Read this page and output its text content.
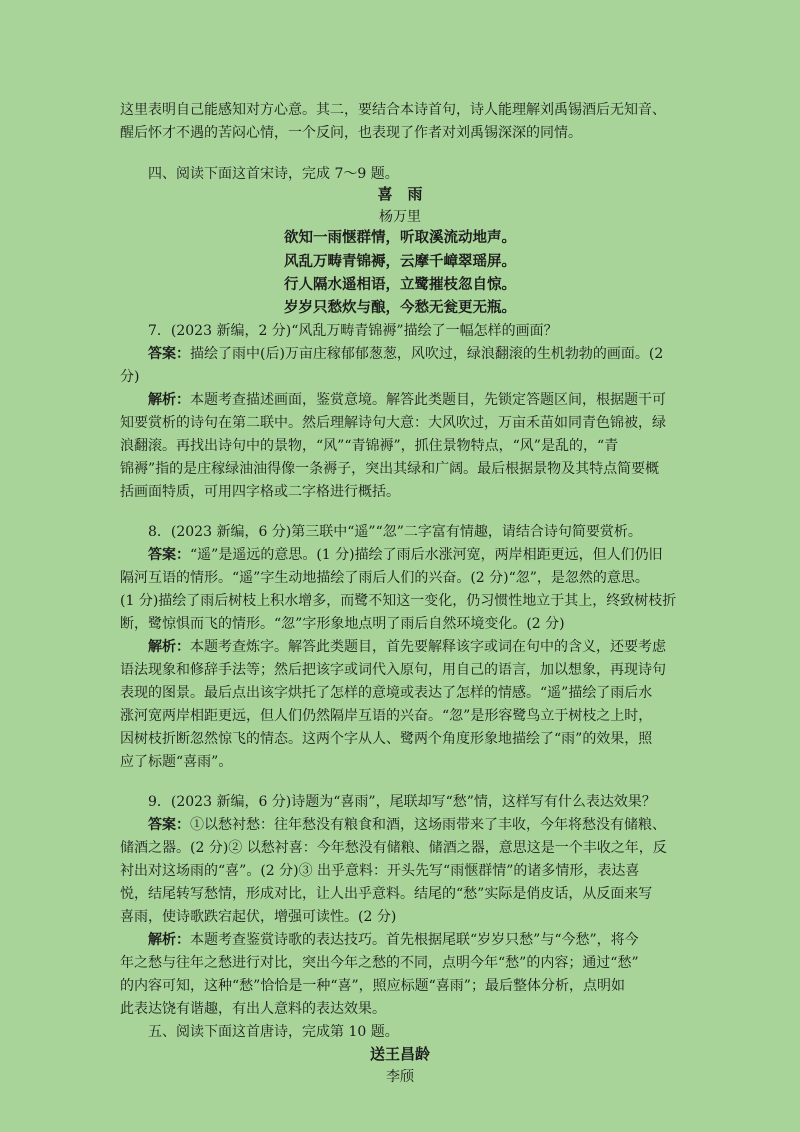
这里表明自己能感知对方心意。其二，要结合本诗首句，诗人能理解刘禹锡酒后无知音、
醒后怀才不遇的苦闷心情，一个反问，也表现了作者对刘禹锡深深的同情。
四、阅读下面这首宋诗，完成 7～9 题。
喜　雨
杨万里
欲知一雨惬群情，听取溪流动地声。
风乱万畴青锦褥，云摩千嶂翠瑶屏。
行人隔水遥相语，立鹭摧枝忽自惊。
岁岁只愁炊与酿，今愁无瓮更无瓶。
7．(2023 新编，2 分)“风乱万畴青锦褥”描绘了一幅怎样的画面？
答案：描绘了雨中(后)万亩庄稼郁郁葱葱，风吹过，绿浪翻滚的生机勃勃的画面。(2
分)
解析：本题考查描述画面，鉴赏意境。解答此类题目，先锁定答题区间，根据题干可
知要赏析的诗句在第二联中。然后理解诗句大意：大风吹过，万亩禾苗如同青色锦被，绿
浪翻滚。再找出诗句中的景物，“风”“青锦褥”，抓住景物特点，“风”是乱的，“青
锦褥”指的是庄稼绿油油得像一条褥子，突出其绿和广阔。最后根据景物及其特点简要概
括画面特质，可用四字格或二字格进行概括。
8．(2023 新编，6 分)第三联中“遥”“忽”二字富有情趣，请结合诗句简要赏析。
答案：“遥”是遥远的意思。(1 分)描绘了雨后水涨河宽，两岸相距更远，但人们仍旧
隔河互语的情形。“遥”字生动地描绘了雨后人们的兴奋。(2 分)“忽”，是忽然的意思。
(1 分)描绘了雨后树枝上积水增多，而鹭不知这一变化，仍习惯性地立于其上，终致树枝折
断，鹭惊惧而飞的情形。“忽”字形象地点明了雨后自然环境变化。(2 分)
解析：本题考查炼字。解答此类题目，首先要解释该字或词在句中的含义，还要考虑
语法现象和修辞手法等；然后把该字或词代入原句，用自己的语言，加以想象，再现诗句
表现的图景。最后点出该字烘托了怎样的意境或表达了怎样的情感。“遥”描绘了雨后水
涨河宽两岸相距更远，但人们仍然隔岸互语的兴奋。“忽”是形容鹭鸟立于树枝之上时，
因树枝折断忽然惊飞的情态。这两个字从人、鹭两个角度形象地描绘了“雨”的效果，照
应了标题“喜雨”。
9．(2023 新编，6 分)诗题为“喜雨”，尾联却写“愁”情，这样写有什么表达效果？
答案：①以愁衬愁：往年愁没有粮食和酒，这场雨带来了丰收，今年将愁没有储粮、
储酒之器。(2 分)② 以愁衬喜：今年愁没有储粮、储酒之器，意思这是一个丰收之年，反
衬出对这场雨的“喜”。(2 分)③ 出乎意料：开头先写“雨惬群情”的诸多情形，表达喜
悦，结尾转写愁情，形成对比，让人出乎意料。结尾的“愁”实际是俏皮话，从反面来写
喜雨，使诗歌跌宕起伏，增强可读性。(2 分)
解析：本题考查鉴赏诗歌的表达技巧。首先根据尾联“岁岁只愁”与“今愁”，将今
年之愁与往年之愁进行对比，突出今年之愁的不同，点明今年“愁”的内容；通过“愁”
的内容可知，这种“愁”恰恰是一种“喜”，照应标题“喜雨”；最后整体分析，点明如
此表达饶有谐趣，有出人意料的表达效果。
五、阅读下面这首唐诗，完成第 10 题。
送王昌龄
李颀
